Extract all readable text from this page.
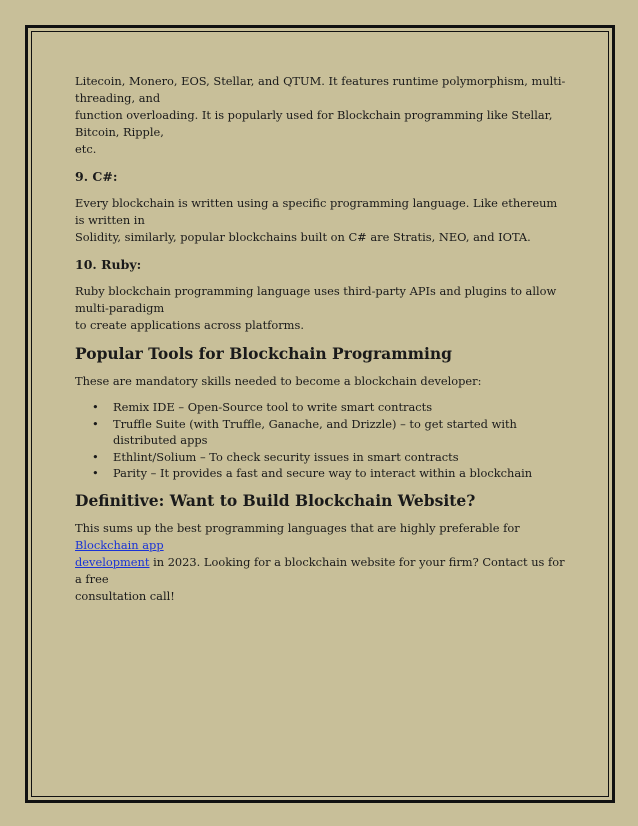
Litecoin, Monero, EOS, Stellar, and QTUM. It features runtime polymorphism, multi-threading, and
function overloading. It is popularly used for Blockchain programming like Stellar, Bitcoin, Ripple,
etc.

9. C#:

Every blockchain is written using a specific programming language. Like ethereum is written in
Solidity, similarly, popular blockchains built on C# are Stratis, NEO, and IOTA.

10. Ruby:

Ruby blockchain programming language uses third-party APIs and plugins to allow multi-paradigm
to create applications across platforms.

Popular Tools for Blockchain Programming

These are mandatory skills needed to become a blockchain developer:

• Remix IDE – Open-Source tool to write smart contracts
• Truffle Suite (with Truffle, Ganache, and Drizzle) – to get started with distributed apps
• Ethlint/Solium – To check security issues in smart contracts
• Parity – It provides a fast and secure way to interact within a blockchain
Definitive: Want to Build Blockchain Website?

This sums up the best programming languages that are highly preferable for Blockchain app
development in 2023. Looking for a blockchain website for your firm? Contact us for a free
consultation call!
